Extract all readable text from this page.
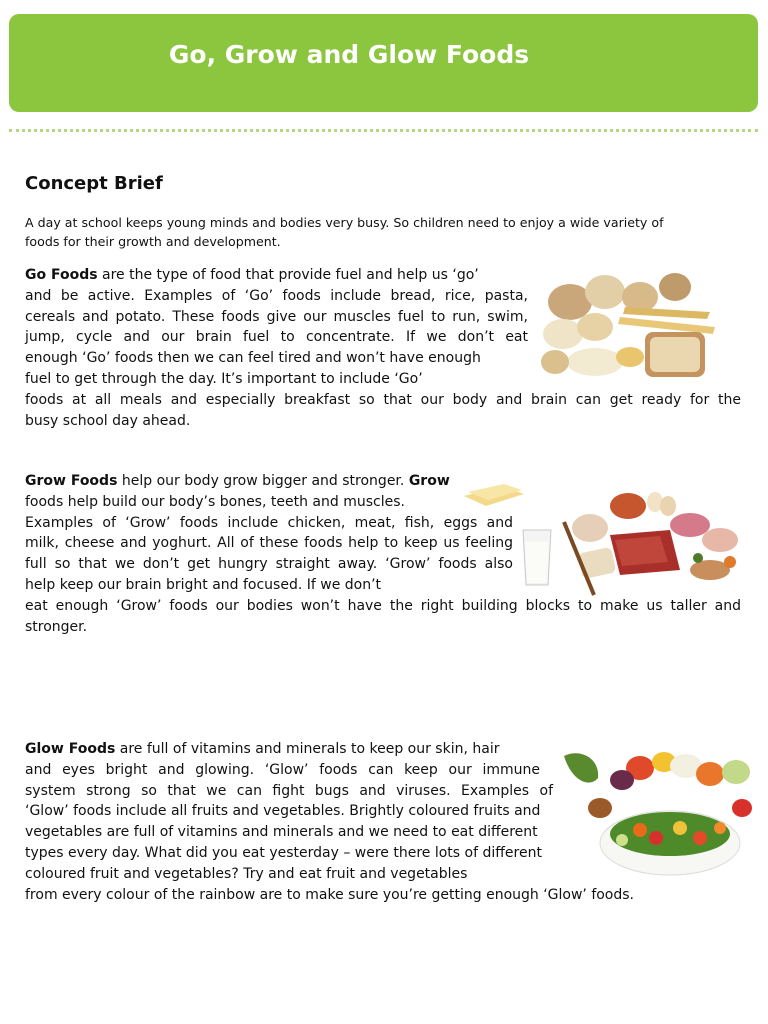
Go, Grow and Glow Foods
Concept Brief

A day at school keeps young minds and bodies very busy. So children need to enjoy a wide variety of
foods for their growth and development.

Go Foods are the type of food that provide fuel and help us ‘go’
and be active. Examples of ‘Go’ foods include bread, rice, pasta,
cereals and potato. These foods give our muscles fuel to run, swim,
jump, cycle and our brain fuel to concentrate. If we don’t eat
enough ‘Go’ foods then we can feel tired and won’t have enough
fuel to get through the day. It’s important to include ‘Go’
foods at all meals and especially breakfast so that our body and brain can get ready for the
busy school day ahead.
Grow Foods help our body grow bigger and stronger. Grow
foods help build our body’s bones, teeth and muscles.
Examples of ‘Grow’ foods include chicken, meat, fish, eggs and
milk, cheese and yoghurt. All of these foods help to keep us feeling
full so that we don’t get hungry straight away. ‘Grow’ foods also
help keep our brain bright and focused. If we don’t
eat enough ‘Grow’ foods our bodies won’t have the right building blocks to make us taller and
stronger.
Glow Foods are full of vitamins and minerals to keep our skin, hair
and eyes bright and glowing. ‘Glow’ foods can keep our immune
system strong so that we can fight bugs and viruses. Examples of
‘Glow’ foods include all fruits and vegetables. Brightly coloured fruits and
vegetables are full of vitamins and minerals and we need to eat different
types every day. What did you eat yesterday – were there lots of different
coloured fruit and vegetables? Try and eat fruit and vegetables
from every colour of the rainbow are to make sure you’re getting enough ‘Glow’ foods.
